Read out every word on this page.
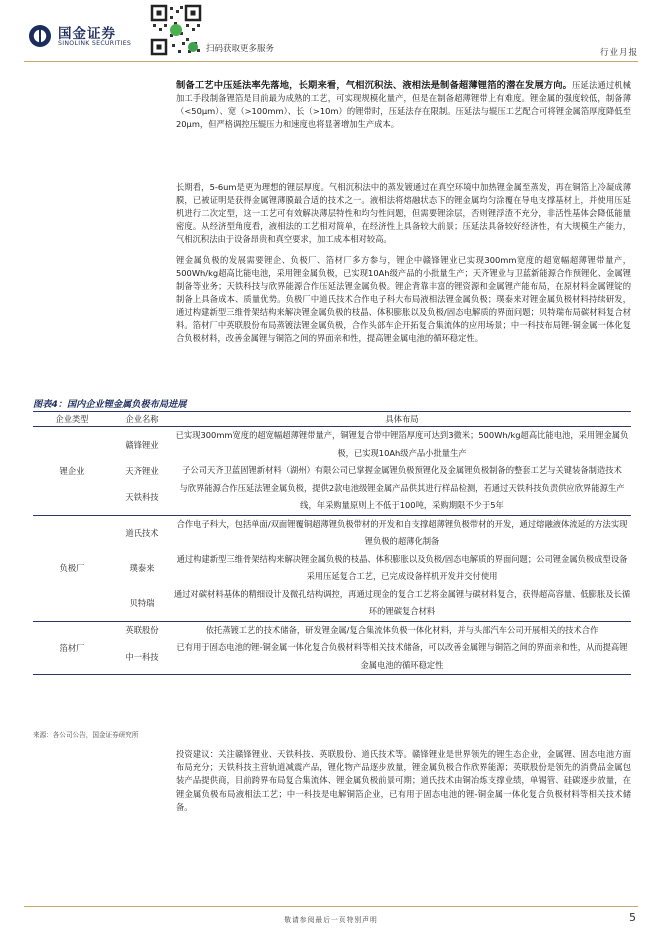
国金证券
SINOLINK SECURITIES
扫码获取更多服务	行业月报
制备工艺中压延法率先落地，长期来看，气相沉积法、液相法是制备超薄锂箔的潜在发展方向。压延法通过机械加工手段制备锂箔是目前最为成熟的工艺，可实现规模化量产，但是在制备超薄锂带上有难度。锂金属的强度较低，制备薄（<50μm）、宽（>100mm）、长（>10m）的锂带时，压延法存在限制。压延法与辊压工艺配合可将锂金属箔厚度降低至20μm，但严格调控压辊压力和速度也将显著增加生产成本。
长期看，5-6um是更为理想的锂层厚度。气相沉积法中的蒸发镀通过在真空环境中加热锂金属至蒸发，再在铜箔上冷凝成薄膜，已被证明是获得金属锂薄膜最合适的技术之一。液相法将熔融状态下的锂金属均匀涂覆在导电支撑基材上，并使用压延机进行二次定型，这一工艺可有效解决薄层特性和均匀性问题，但需要锂涂层，否则锂浮渣不充分，非活性基体会降低能量密度。从经济型角度看，液相法的工艺相对简单，在经济性上具备较大前景；压延法具备较好经济性，有大规模生产能力，气相沉积法由于设备昂贵和真空要求，加工成本相对较高。
锂金属负极的发展需要锂企、负极厂、箔材厂多方参与，锂企中赣锋锂业已实现300mm宽度的超宽幅超薄锂带量产，500Wh/kg超高比能电池，采用锂金属负极，已实现10Ah级产品的小批量生产；天齐锂业与卫蓝新能源合作预锂化、金属锂制备等业务；天铁科技与欣界能源合作压延法锂金属负极。锂企背靠丰富的锂资源和金属锂产能布局，在原材料金属锂锭的制备上具备成本、质量优势。负极厂中道氏技术合作电子科大布局液相法锂金属负极；璞泰来对锂金属负极材料持续研发，通过构建新型三维骨架结构来解决锂金属负极的枝晶、体积膨胀以及负极/固态电解质的界面问题；贝特瑞布局碳材料复合材料。箔材厂中英联股份布局蒸镀法锂金属负极，合作头部车企开拓复合集流体的应用场景；中一科技布局锂-铜金属一体化复合负极材料，改善金属锂与铜箔之间的界面亲和性，提高锂金属电池的循环稳定性。
图表4：国内企业锂金属负极布局进展
企业类型	企业名称	具体布局
锂企业	赣锋锂业	已实现300mm宽度的超宽幅超薄锂带量产，铜锂复合带中锂箔厚度可达到3微米；500Wh/kg超高比能电池，采用锂金属负极，已实现10Ah级产品小批量生产
	天齐锂业	子公司天齐卫蓝固锂新材料（湖州）有限公司已掌握金属锂负极预锂化及金属锂负极制备的整套工艺与关键装备制造技术
	天铁科技	与欣界能源合作压延法锂金属负极，提供2款电池级锂金属产品供其进行样品检测，若通过天铁科技负责供应欣界能源生产线，年采购量原则上不低于100吨，采购期限不少于5年
负极厂	道氏技术	合作电子科大，包括单面/双面锂覆铜超薄锂负极带材的开发和自支撑超薄锂负极带材的开发，通过熔融液体流延的方法实现锂负极的超薄化制备
	璞泰来	通过构建新型三维骨架结构来解决锂金属负极的枝晶、体积膨胀以及负极/固态电解质的界面问题；公司锂金属负极成型设备采用压延复合工艺，已完成设备样机开发并交付使用
	贝特瑞	通过对碳材料基体的精细设计及微孔结构调控，再通过现金的复合工艺将金属锂与碳材料复合，获得超高容量、低膨胀及长循环的锂碳复合材料
箔材厂	英联股份	依托蒸镀工艺的技术储备，研发锂金属/复合集流体负极一体化材料，并与头部汽车公司开展相关的技术合作
	中一科技	已有用于固态电池的锂-铜金属一体化复合负极材料等相关技术储备，可以改善金属锂与铜箔之间的界面亲和性，从而提高锂金属电池的循环稳定性
来源：各公司公告，国金证券研究所
投资建议：关注赣锋锂业、天铁科技、英联股份、道氏技术等。赣锋锂业是世界领先的锂生态企业，金属锂、固态电池方面布局充分；天铁科技主营轨道减震产品，锂化物产品逐步放量，锂金属负极合作欣界能源；英联股份是领先的消费品金属包装产品提供商，目前跨界布局复合集流体、锂金属负极前景可期；道氏技术由铜冶炼支撑业绩，单锡管、硅碳逐步放量，在锂金属负极布局液相法工艺；中一科技是电解铜箔企业，已有用于固态电池的锂-铜金属一体化复合负极材料等相关技术储备。
敬请参阅最后一页特别声明	5
